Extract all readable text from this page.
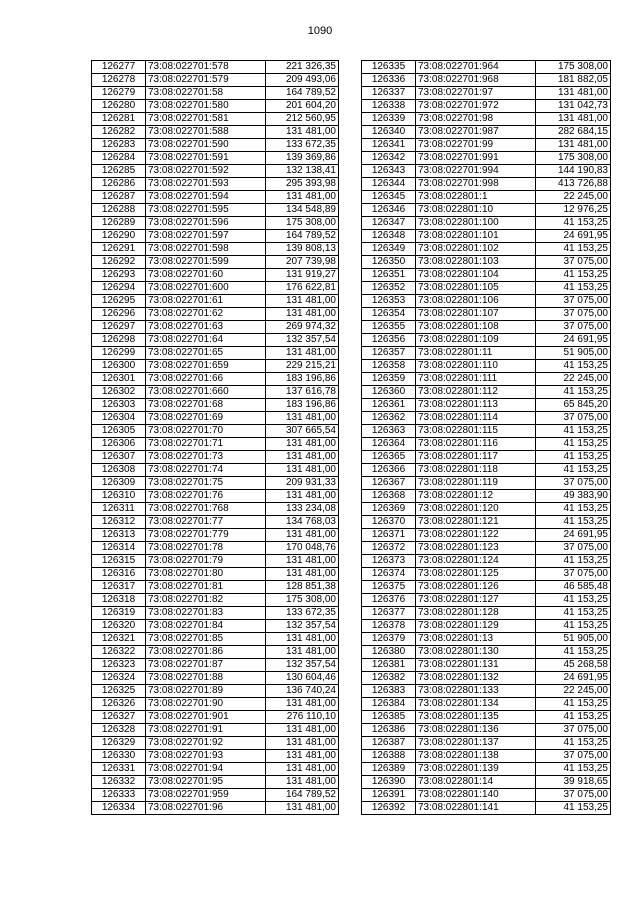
1090
126277	73:08:022701:578	221 326,35
126278	73:08:022701:579	209 493,06
126279	73:08:022701:58	164 789,52
126280	73:08:022701:580	201 604,20
126281	73:08:022701:581	212 560,95
126282	73:08:022701:588	131 481,00
126283	73:08:022701:590	133 672,35
126284	73:08:022701:591	139 369,86
126285	73:08:022701:592	132 138,41
126286	73:08:022701:593	295 393,98
126287	73:08:022701:594	131 481,00
126288	73:08:022701:595	134 548,89
126289	73:08:022701:596	175 308,00
126290	73:08:022701:597	164 789,52
126291	73:08:022701:598	139 808,13
126292	73:08:022701:599	207 739,98
126293	73:08:022701:60	131 919,27
126294	73:08:022701:600	176 622,81
126295	73:08:022701:61	131 481,00
126296	73:08:022701:62	131 481,00
126297	73:08:022701:63	269 974,32
126298	73:08:022701:64	132 357,54
126299	73:08:022701:65	131 481,00
126300	73:08:022701:659	229 215,21
126301	73:08:022701:66	183 196,86
126302	73:08:022701:660	137 616,78
126303	73:08:022701:68	183 196,86
126304	73:08:022701:69	131 481,00
126305	73:08:022701:70	307 665,54
126306	73:08:022701:71	131 481,00
126307	73:08:022701:73	131 481,00
126308	73:08:022701:74	131 481,00
126309	73:08:022701:75	209 931,33
126310	73:08:022701:76	131 481,00
126311	73:08:022701:768	133 234,08
126312	73:08:022701:77	134 768,03
126313	73:08:022701:779	131 481,00
126314	73:08:022701:78	170 048,76
126315	73:08:022701:79	131 481,00
126316	73:08:022701:80	131 481,00
126317	73:08:022701:81	128 851,38
126318	73:08:022701:82	175 308,00
126319	73:08:022701:83	133 672,35
126320	73:08:022701:84	132 357,54
126321	73:08:022701:85	131 481,00
126322	73:08:022701:86	131 481,00
126323	73:08:022701:87	132 357,54
126324	73:08:022701:88	130 604,46
126325	73:08:022701:89	136 740,24
126326	73:08:022701:90	131 481,00
126327	73:08:022701:901	276 110,10
126328	73:08:022701:91	131 481,00
126329	73:08:022701:92	131 481,00
126330	73:08:022701:93	131 481,00
126331	73:08:022701:94	131 481,00
126332	73:08:022701:95	131 481,00
126333	73:08:022701:959	164 789,52
126334	73:08:022701:96	131 481,00
126335	73:08:022701:964	175 308,00
126336	73:08:022701:968	181 882,05
126337	73:08:022701:97	131 481,00
126338	73:08:022701:972	131 042,73
126339	73:08:022701:98	131 481,00
126340	73:08:022701:987	282 684,15
126341	73:08:022701:99	131 481,00
126342	73:08:022701:991	175 308,00
126343	73:08:022701:994	144 190,83
126344	73:08:022701:998	413 726,88
126345	73:08:022801:1	22 245,00
126346	73:08:022801:10	12 976,25
126347	73:08:022801:100	41 153,25
126348	73:08:022801:101	24 691,95
126349	73:08:022801:102	41 153,25
126350	73:08:022801:103	37 075,00
126351	73:08:022801:104	41 153,25
126352	73:08:022801:105	41 153,25
126353	73:08:022801:106	37 075,00
126354	73:08:022801:107	37 075,00
126355	73:08:022801:108	37 075,00
126356	73:08:022801:109	24 691,95
126357	73:08:022801:11	51 905,00
126358	73:08:022801:110	41 153,25
126359	73:08:022801:111	22 245,00
126360	73:08:022801:112	41 153,25
126361	73:08:022801:113	65 845,20
126362	73:08:022801:114	37 075,00
126363	73:08:022801:115	41 153,25
126364	73:08:022801:116	41 153,25
126365	73:08:022801:117	41 153,25
126366	73:08:022801:118	41 153,25
126367	73:08:022801:119	37 075,00
126368	73:08:022801:12	49 383,90
126369	73:08:022801:120	41 153,25
126370	73:08:022801:121	41 153,25
126371	73:08:022801:122	24 691,95
126372	73:08:022801:123	37 075,00
126373	73:08:022801:124	41 153,25
126374	73:08:022801:125	37 075,00
126375	73:08:022801:126	46 585,48
126376	73:08:022801:127	41 153,25
126377	73:08:022801:128	41 153,25
126378	73:08:022801:129	41 153,25
126379	73:08:022801:13	51 905,00
126380	73:08:022801:130	41 153,25
126381	73:08:022801:131	45 268,58
126382	73:08:022801:132	24 691,95
126383	73:08:022801:133	22 245,00
126384	73:08:022801:134	41 153,25
126385	73:08:022801:135	41 153,25
126386	73:08:022801:136	37 075,00
126387	73:08:022801:137	41 153,25
126388	73:08:022801:138	37 075,00
126389	73:08:022801:139	41 153,25
126390	73:08:022801:14	39 918,65
126391	73:08:022801:140	37 075,00
126392	73:08:022801:141	41 153,25
